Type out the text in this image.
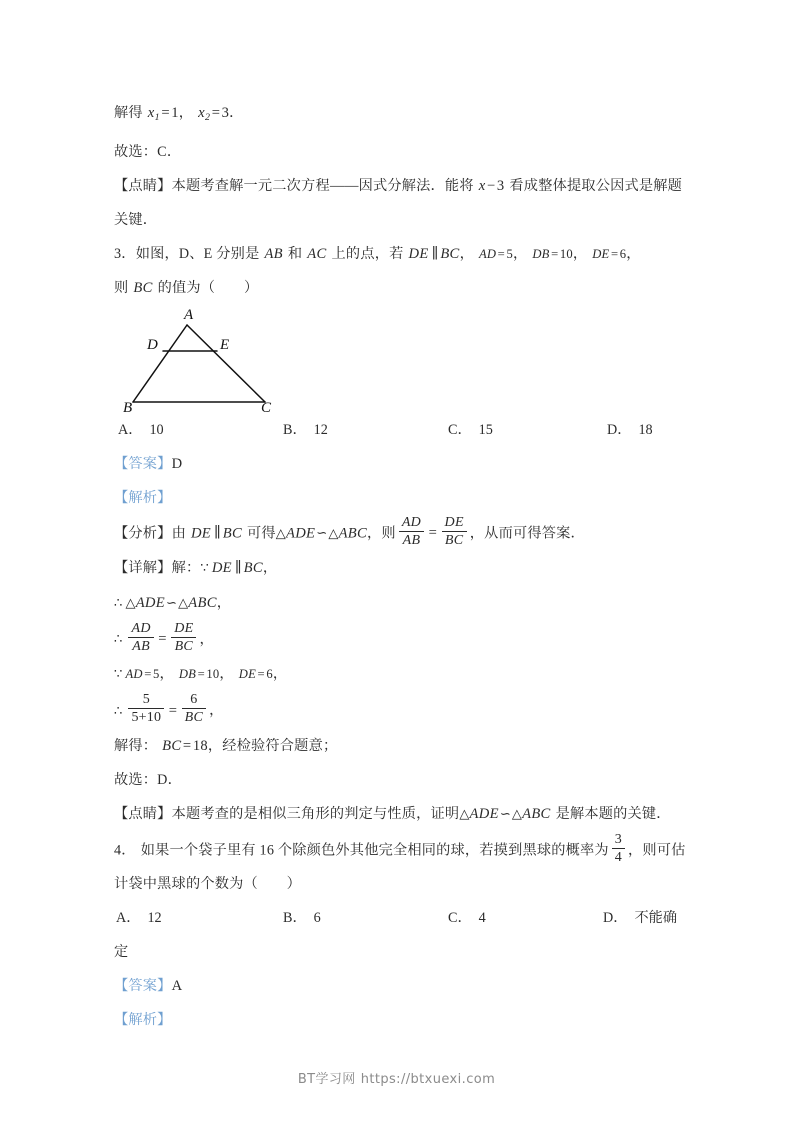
解得 $x_1 = 1$， $x_2 = 3$．
故选：C．
【点睛】本题考查解一元二次方程——因式分解法．能将 x − 3 看成整体提取公因式是解题
关键．
3．如图，D、E 分别是 AB 和 AC 上的点，若 DE ∥ BC， AD = 5， DB = 10， DE = 6，
则 BC 的值为（　　）
A
D	E
B	C
A． 10	B． 12	C． 15	D． 18
【答案】D
【解析】
【分析】由 DE ∥ BC 可得△ADE∽△ABC，则 $\frac{AD}{AB} = \frac{DE}{BC}$ ，从而可得答案．
【详解】解：∵ DE ∥ BC，
∴ △ADE∽△ABC，
∴ $\frac{AD}{AB} = \frac{DE}{BC}$ ，
∵ AD = 5， DB = 10， DE = 6，
∴ $\frac{5}{5+10} = \frac{6}{BC}$ ，
解得： BC = 18，经检验符合题意；
故选：D．
【点睛】本题考查的是相似三角形的判定与性质，证明△ADE∽△ABC 是解本题的关键．
4． 如果一个袋子里有 16 个除颜色外其他完全相同的球，若摸到黑球的概率为 $\frac{3}{4}$ ，则可估
计袋中黑球的个数为（　　）
A． 12	B． 6	C． 4	D． 不能确
定
【答案】A
【解析】
BT学习网 https://btxuexi.com
